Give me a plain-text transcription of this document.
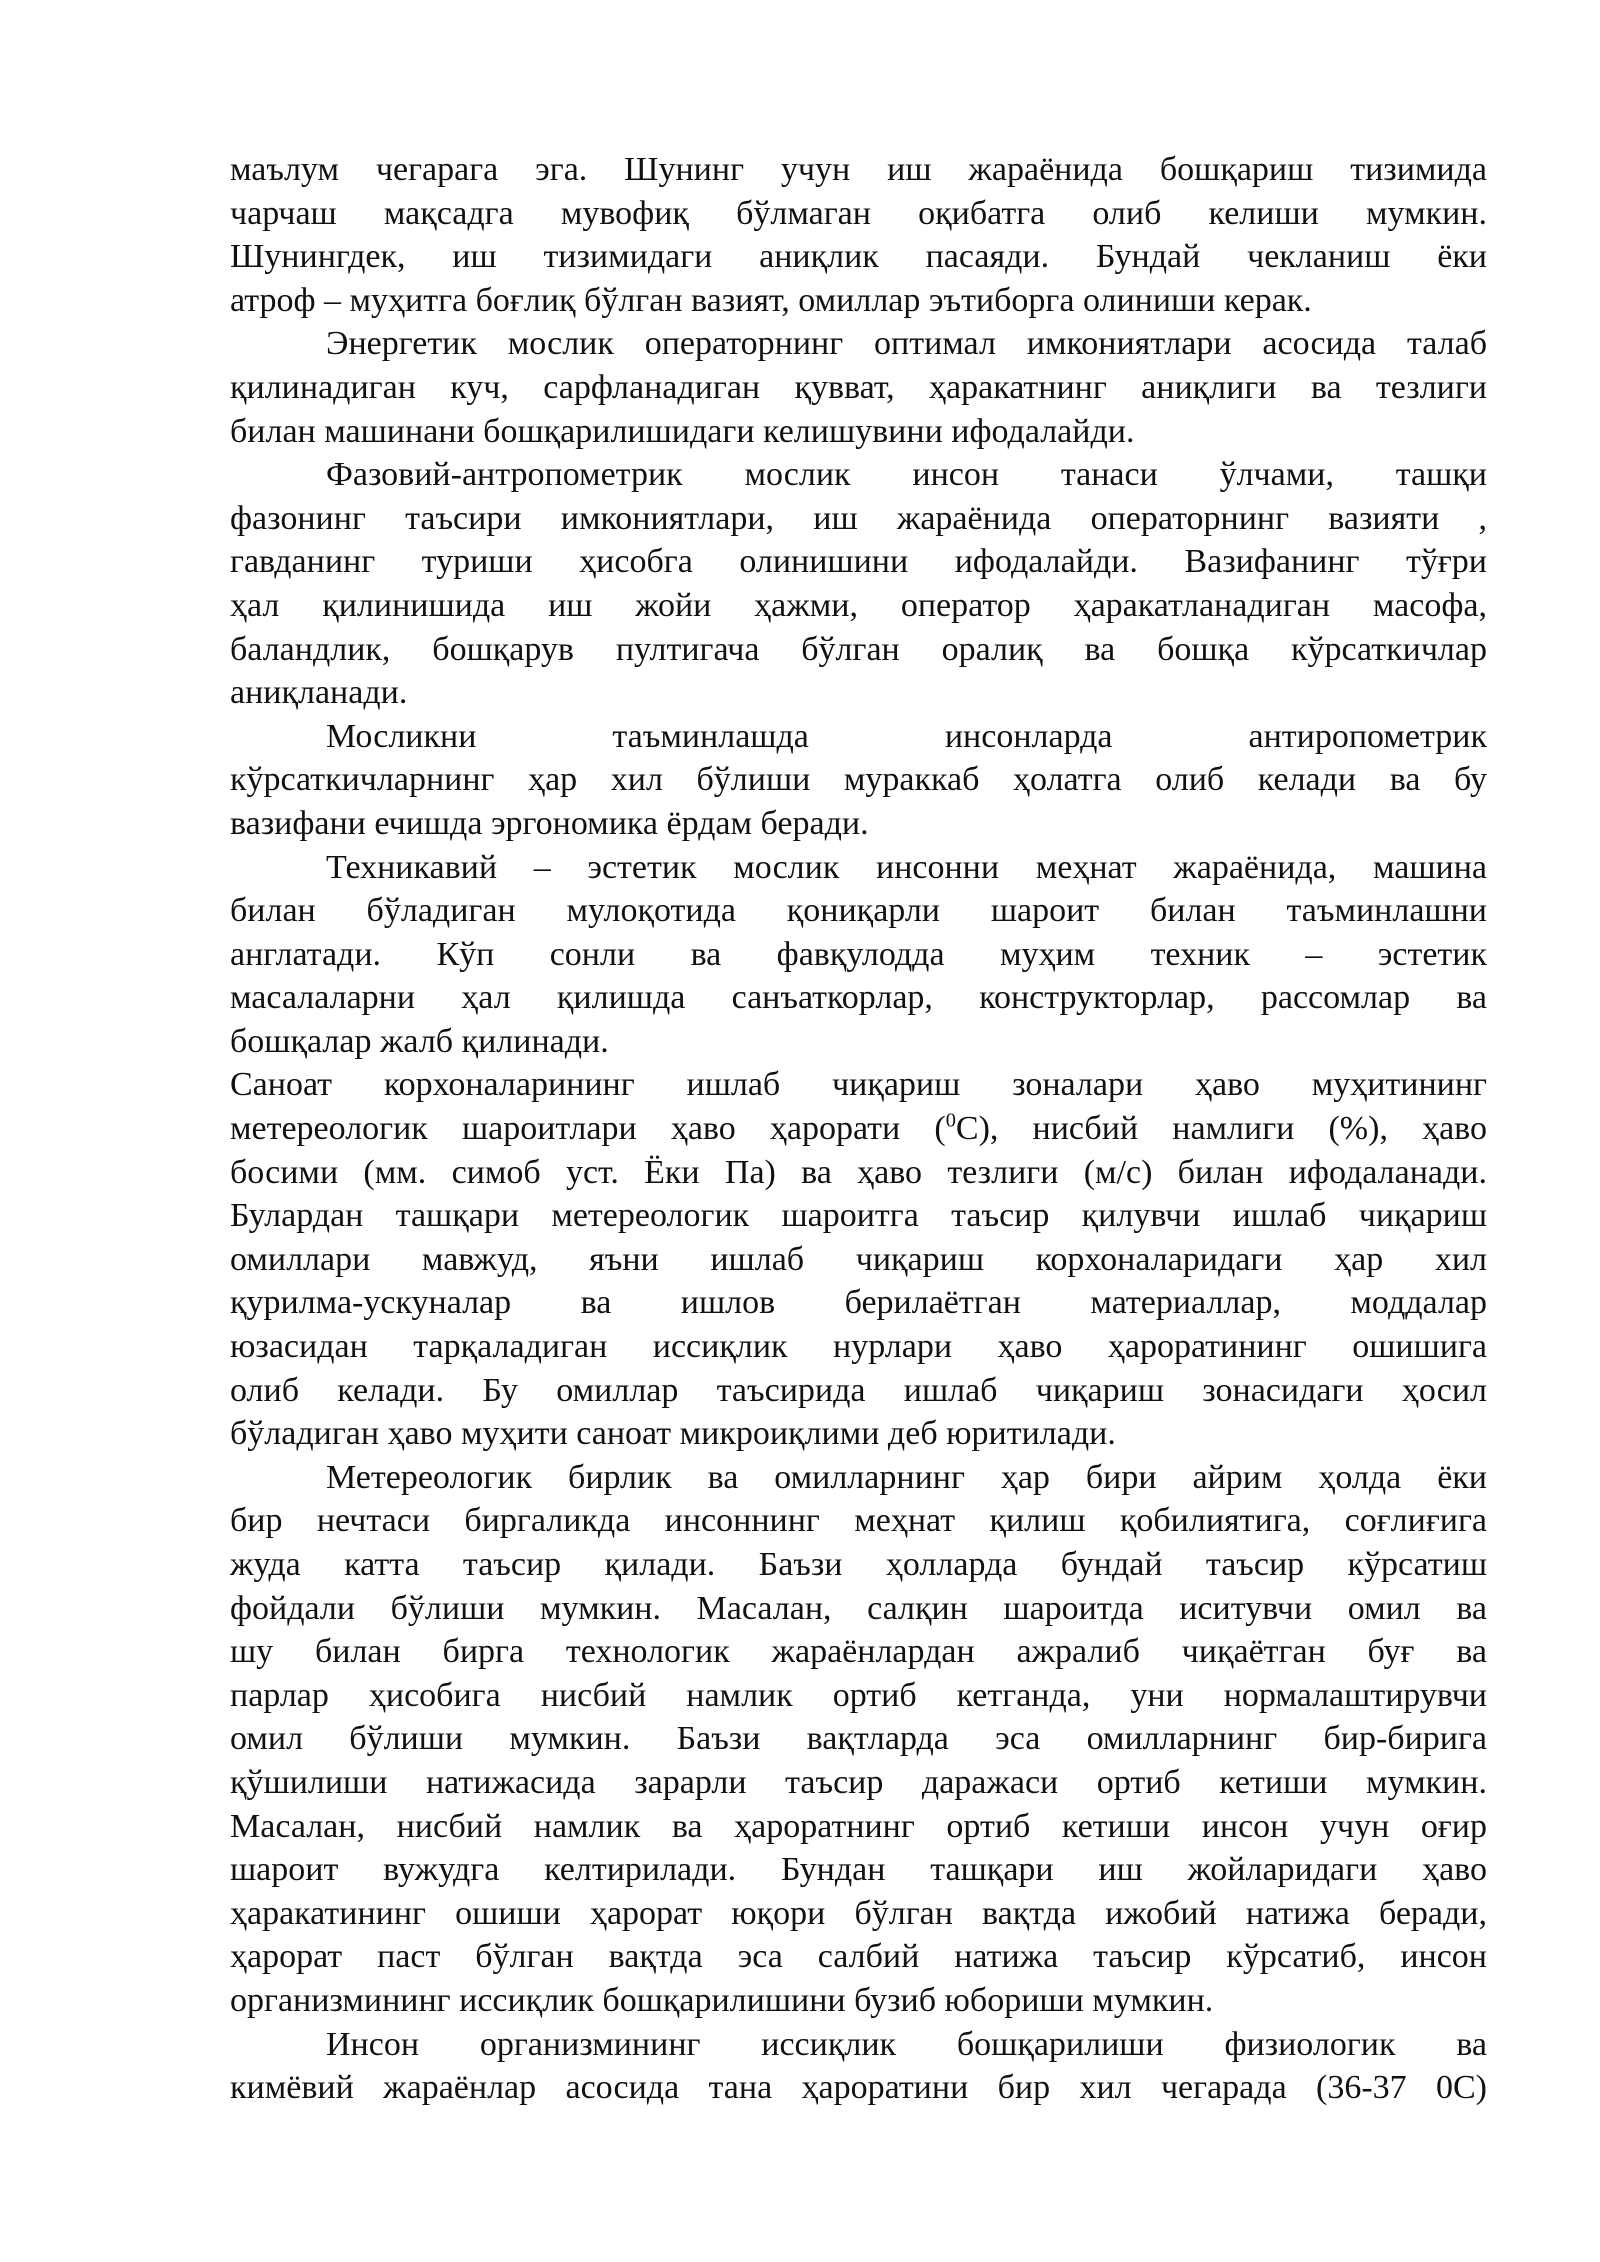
маълум чегарага эга. Шунинг учун иш жараёнида бошқариш тизимида
чарчаш мақсадга мувофиқ бўлмаган оқибатга олиб келиши мумкин.
Шунингдек, иш тизимидаги аниқлик пасаяди. Бундай чекланиш ёки
атроф – муҳитга боғлиқ бўлган вазият, омиллар эътиборга олиниши керак.
Энергетик мослик операторнинг оптимал имкониятлари асосида талаб
қилинадиган куч, сарфланадиган қувват, ҳаракатнинг аниқлиги ва тезлиги
билан машинани бошқарилишидаги келишувини ифодалайди.
Фазовий-антропометрик мослик инсон танаси ўлчами, ташқи
фазонинг таъсири имкониятлари, иш жараёнида операторнинг вазияти ,
гавданинг туриши ҳисобга олинишини ифодалайди. Вазифанинг тўғри
ҳал қилинишида иш жойи ҳажми, оператор ҳаракатланадиган масофа,
баландлик, бошқарув пултигача бўлган оралиқ ва бошқа кўрсаткичлар
аниқланади.
Мосликни таъминлашда инсонларда антиропометрик
кўрсаткичларнинг ҳар хил бўлиши мураккаб ҳолатга олиб келади ва бу
вазифани ечишда эргономика ёрдам беради.
Техникавий – эстетик мослик инсонни меҳнат жараёнида, машина
билан бўладиган мулоқотида қониқарли шароит билан таъминлашни
англатади. Кўп сонли ва фавқулодда муҳим техник – эстетик
масалаларни ҳал қилишда санъаткорлар, конструкторлар, рассомлар ва
бошқалар жалб қилинади.
Саноат корхоналарининг ишлаб чиқариш зоналари ҳаво муҳитининг
метереологик шароитлари ҳаво ҳарорати ($^0$С), нисбий намлиги (%), ҳаво
босими (мм. симоб уст. Ёки Па) ва ҳаво тезлиги (м/с) билан ифодаланади.
Булардан ташқари метереологик шароитга таъсир қилувчи ишлаб чиқариш
омиллари мавжуд, яъни ишлаб чиқариш корхоналаридаги ҳар хил
қурилма-ускуналар ва ишлов берилаётган материаллар, моддалар
юзасидан тарқаладиган иссиқлик нурлари ҳаво ҳароратининг ошишига
олиб келади. Бу омиллар таъсирида ишлаб чиқариш зонасидаги ҳосил
бўладиган ҳаво муҳити саноат микроиқлими деб юритилади.
Метереологик бирлик ва омилларнинг ҳар бири айрим ҳолда ёки
бир нечтаси биргаликда инсоннинг меҳнат қилиш қобилиятига, соғлиғига
жуда катта таъсир қилади. Баъзи ҳолларда бундай таъсир кўрсатиш
фойдали бўлиши мумкин. Масалан, салқин шароитда иситувчи омил ва
шу билан бирга технологик жараёнлардан ажралиб чиқаётган буғ ва
парлар ҳисобига нисбий намлик ортиб кетганда, уни нормалаштирувчи
омил бўлиши мумкин. Баъзи вақтларда эса омилларнинг бир-бирига
қўшилиши натижасида зарарли таъсир даражаси ортиб кетиши мумкин.
Масалан, нисбий намлик ва ҳароратнинг ортиб кетиши инсон учун оғир
шароит вужудга келтирилади. Бундан ташқари иш жойларидаги ҳаво
ҳаракатининг ошиши ҳарорат юқори бўлган вақтда ижобий натижа беради,
ҳарорат паст бўлган вақтда эса салбий натижа таъсир кўрсатиб, инсон
организмининг иссиқлик бошқарилишини бузиб юбориши мумкин.
Инсон организмининг иссиқлик бошқарилиши физиологик ва
кимёвий жараёнлар асосида тана ҳароратини бир хил чегарада (36-37 0С)
